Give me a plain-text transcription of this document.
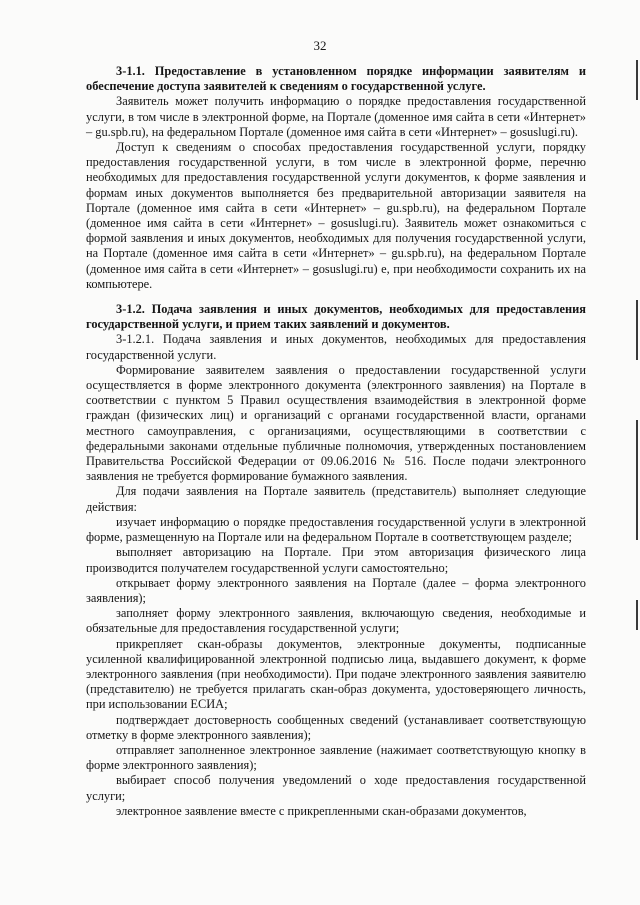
32

3-1.1. Предоставление в установленном порядке информации заявителям и обеспечение доступа заявителей к сведениям о государственной услуге.

Заявитель может получить информацию о порядке предоставления государственной услуги, в том числе в электронной форме, на Портале (доменное имя сайта в сети «Интернет» – gu.spb.ru), на федеральном Портале (доменное имя сайта в сети «Интернет» – gosuslugi.ru).

Доступ к сведениям о способах предоставления государственной услуги, порядку предоставления государственной услуги, в том числе в электронной форме, перечню необходимых для предоставления государственной услуги документов, к форме заявления и формам иных документов выполняется без предварительной авторизации заявителя на Портале (доменное имя сайта в сети «Интернет» – gu.spb.ru), на федеральном Портале (доменное имя сайта в сети «Интернет» – gosuslugi.ru). Заявитель может ознакомиться с формой заявления и иных документов, необходимых для получения государственной услуги, на Портале (доменное имя сайта в сети «Интернет» – gu.spb.ru), на федеральном Портале (доменное имя сайта в сети «Интернет» – gosuslugi.ru) е, при необходимости сохранить их на компьютере.

3-1.2. Подача заявления и иных документов, необходимых для предоставления государственной услуги, и прием таких заявлений и документов.

3-1.2.1. Подача заявления и иных документов, необходимых для предоставления государственной услуги.

Формирование заявителем заявления о предоставлении государственной услуги осуществляется в форме электронного документа (электронного заявления) на Портале в соответствии с пунктом 5 Правил осуществления взаимодействия в электронной форме граждан (физических лиц) и организаций с органами государственной власти, органами местного самоуправления, с организациями, осуществляющими в соответствии с федеральными законами отдельные публичные полномочия, утвержденных постановлением Правительства Российской Федерации от 09.06.2016 № 516. После подачи электронного заявления не требуется формирование бумажного заявления.

Для подачи заявления на Портале заявитель (представитель) выполняет следующие действия:

изучает информацию о порядке предоставления государственной услуги в электронной форме, размещенную на Портале или на федеральном Портале в соответствующем разделе;

выполняет авторизацию на Портале. При этом авторизация физического лица производится получателем государственной услуги самостоятельно;

открывает форму электронного заявления на Портале (далее – форма электронного заявления);

заполняет форму электронного заявления, включающую сведения, необходимые и обязательные для предоставления государственной услуги;

прикрепляет скан-образы документов, электронные документы, подписанные усиленной квалифицированной электронной подписью лица, выдавшего документ, к форме электронного заявления (при необходимости). При подаче электронного заявления заявителю (представителю) не требуется прилагать скан-образ документа, удостоверяющего личность, при использовании ЕСИА;

подтверждает достоверность сообщенных сведений (устанавливает соответствующую отметку в форме электронного заявления);

отправляет заполненное электронное заявление (нажимает соответствующую кнопку в форме электронного заявления);

выбирает способ получения уведомлений о ходе предоставления государственной услуги;

электронное заявление вместе с прикрепленными скан-образами документов,
